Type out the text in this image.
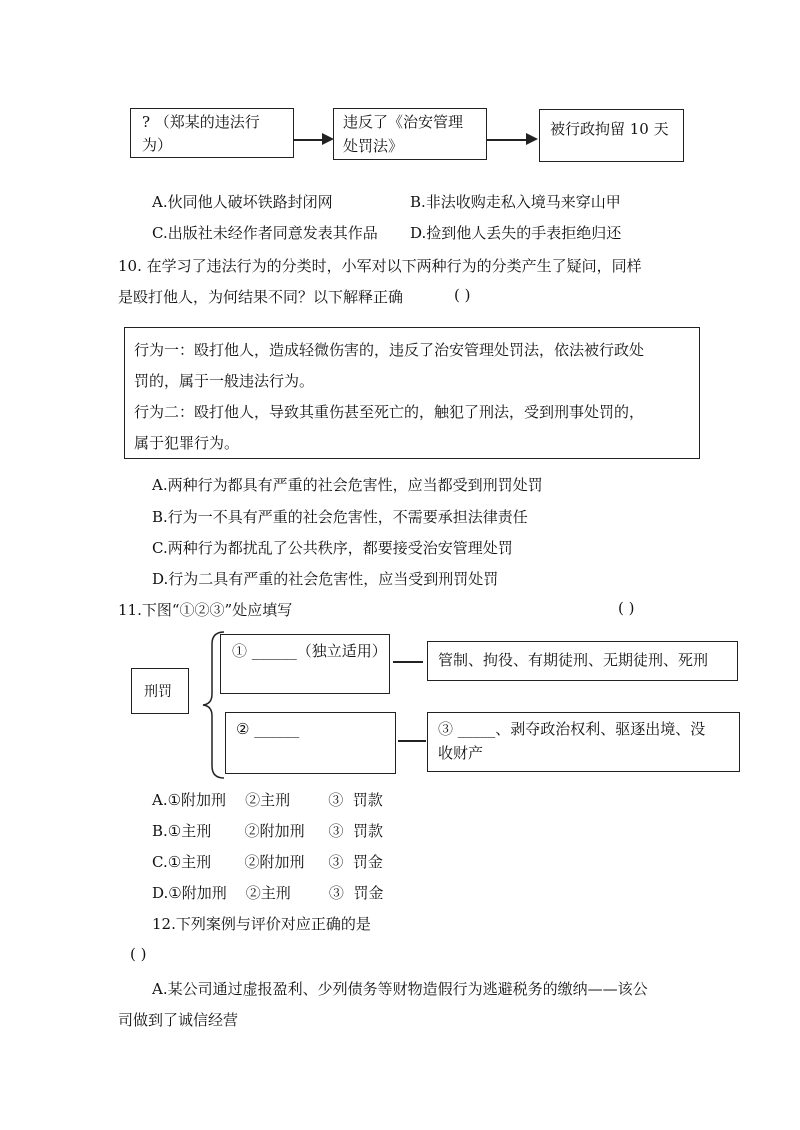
? （郑某的违法行
为）
违反了《治安管理
处罚法》
被行政拘留 10 天
A.伙同他人破坏铁路封闭网	B.非法收购走私入境马来穿山甲
C.出版社未经作者同意发表其作品 D.捡到他人丢失的手表拒绝归还
10. 在学习了违法行为的分类时，小军对以下两种行为的分类产生了疑问，同样
是殴打他人，为何结果不同？以下解释正确	( )
行为一：殴打他人，造成轻微伤害的，违反了治安管理处罚法，依法被行政处
罚的，属于一般违法行为。
行为二：殴打他人，导致其重伤甚至死亡的，触犯了刑法，受到刑事处罚的，
属于犯罪行为。
A.两种行为都具有严重的社会危害性，应当都受到刑罚处罚
B.行为一不具有严重的社会危害性，不需要承担法律责任
C.两种行为都扰乱了公共秩序，都要接受治安管理处罚
D.行为二具有严重的社会危害性，应当受到刑罚处罚
11.下图“①②③”处应填写	( )
刑罚
① ______（独立适用）	管制、拘役、有期徒刑、无期徒刑、死刑
② ______	③ _____、剥夺政治权利、驱逐出境、没
收财产
A.①附加刑    ②主刑        ③  罚款
B.①主刑       ②附加刑     ③  罚款
C.①主刑       ②附加刑     ③  罚金
D.①附加刑    ②主刑        ③  罚金
12.下列案例与评价对应正确的是
( )
A.某公司通过虚报盈利、少列债务等财物造假行为逃避税务的缴纳——该公
司做到了诚信经营
